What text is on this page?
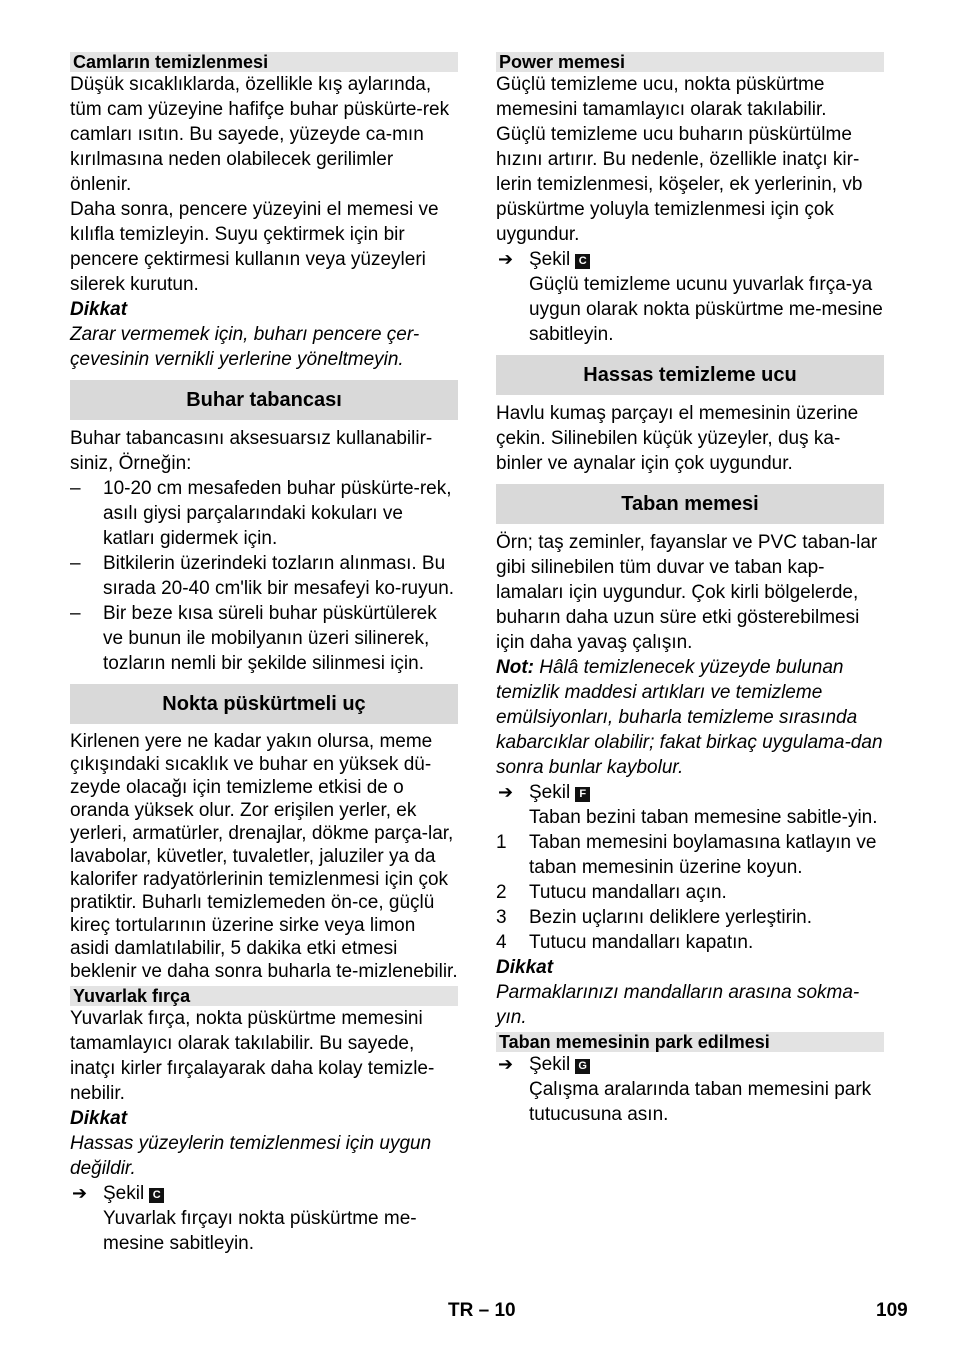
Camların temizlenmesi

Düşük sıcaklıklarda, özellikle kış aylarında, tüm cam yüzeyine hafifçe buhar püskürte-rek camları ısıtın. Bu sayede, yüzeyde ca-mın kırılmasına neden olabilecek gerilimler önlenir.

Daha sonra, pencere yüzeyini el memesi ve kılıfla temizleyin. Suyu çektirmek için bir pencere çektirmesi kullanın veya yüzeyleri silerek kurutun.

Dikkat

Zarar vermemek için, buharı pencere çer-çevesinin vernikli yerlerine yöneltmeyin.

Buhar tabancası

Buhar tabancasını aksesuarsız kullanabilir-siniz, Örneğin:

– 10-20 cm mesafeden buhar püskürte-rek, asılı giysi parçalarındaki kokuları ve katları gidermek için.
– Bitkilerin üzerindeki tozların alınması. Bu sırada 20-40 cm'lik bir mesafeyi ko-ruyun.
– Bir beze kısa süreli buhar püskürtülerek ve bunun ile mobilyanın üzeri silinerek, tozların nemli bir şekilde silinmesi için.
Nokta püskürtmeli uç

Kirlenen yere ne kadar yakın olursa, meme çıkışındaki sıcaklık ve buhar en yüksek dü-zeyde olacağı için temizleme etkisi de o oranda yüksek olur. Zor erişilen yerler, ek yerleri, armatürler, drenajlar, dökme parça-lar, lavabolar, küvetler, tuvaletler, jaluziler ya da kalorifer radyatörlerinin temizlenmesi için çok pratiktir. Buharlı temizlemeden ön-ce, güçlü kireç tortularının üzerine sirke veya limon asidi damlatılabilir, 5 dakika etki etmesi beklenir ve daha sonra buharla te-mizlenebilir.

Yuvarlak fırça

Yuvarlak fırça, nokta püskürtme memesini tamamlayıcı olarak takılabilir. Bu sayede, inatçı kirler fırçalayarak daha kolay temizle-nebilir.

Dikkat

Hassas yüzeylerin temizlenmesi için uygun değildir.

➔ Şekil C

Yuvarlak fırçayı nokta püskürtme me-mesine sabitleyin.

Power memesi

Güçlü temizleme ucu, nokta püskürtme memesini tamamlayıcı olarak takılabilir.

Güçlü temizleme ucu buharın püskürtülme hızını artırır. Bu nedenle, özellikle inatçı kir-lerin temizlenmesi, köşeler, ek yerlerinin, vb püskürtme yoluyla temizlenmesi için çok uygundur.

➔ Şekil C

Güçlü temizleme ucunu yuvarlak fırça-ya uygun olarak nokta püskürtme me-mesine sabitleyin.

Hassas temizleme ucu

Havlu kumaş parçayı el memesinin üzerine çekin. Silinebilen küçük yüzeyler, duş ka-binler ve aynalar için çok uygundur.

Taban memesi

Örn; taş zeminler, fayanslar ve PVC taban-lar gibi silinebilen tüm duvar ve taban kap-lamaları için uygundur. Çok kirli bölgelerde, buharın daha uzun süre etki gösterebilmesi için daha yavaş çalışın.

Not: Hâlâ temizlenecek yüzeyde bulunan temizlik maddesi artıkları ve temizleme emülsiyonları, buharla temizleme sırasında kabarcıklar olabilir; fakat birkaç uygulama-dan sonra bunlar kaybolur.

➔ Şekil F

Taban bezini taban memesine sabitle-yin.

1 Taban memesini boylamasına katlayın ve taban memesinin üzerine koyun.
2 Tutucu mandalları açın.
3 Bezin uçlarını deliklere yerleştirin.
4 Tutucu mandalları kapatın.

Dikkat

Parmaklarınızı mandalların arasına sokma-yın.

Taban memesinin park edilmesi
➔ Şekil G

Çalışma aralarında taban memesini park tutucusuna asın.

TR – 10	109
